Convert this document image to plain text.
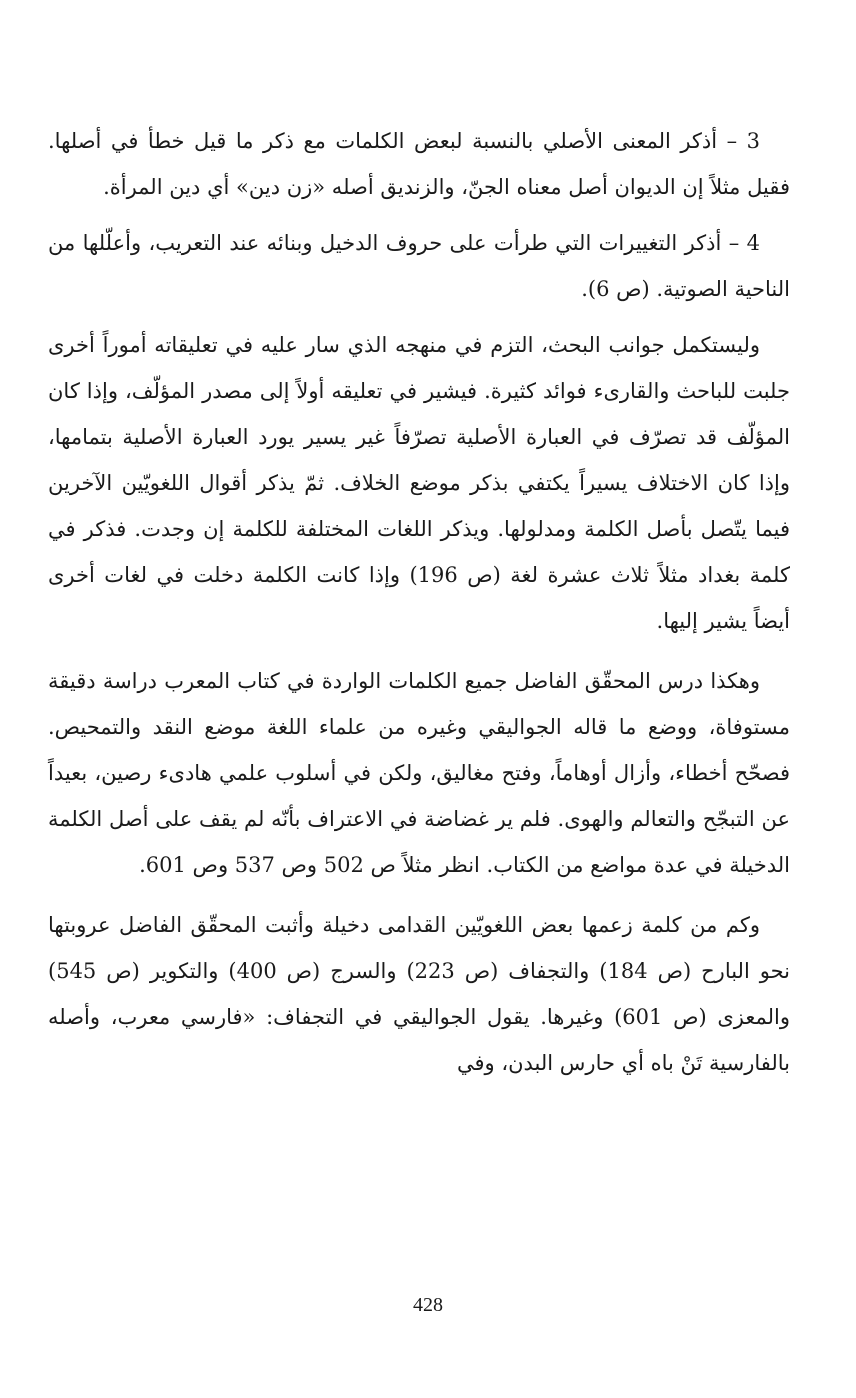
3 – أذكر المعنى الأصلي بالنسبة لبعض الكلمات مع ذكر ما قيل خطأ في أصلها. فقيل مثلاً إن الديوان أصل معناه الجنّ، والزنديق أصله «زن دين» أي دين المرأة.

4 – أذكر التغييرات التي طرأت على حروف الدخيل وبنائه عند التعريب، وأعلّلها من الناحية الصوتية. (ص 6).

وليستكمل جوانب البحث، التزم في منهجه الذي سار عليه في تعليقاته أموراً أخرى جلبت للباحث والقارىء فوائد كثيرة. فيشير في تعليقه أولاً إلى مصدر المؤلّف، وإذا كان المؤلّف قد تصرّف في العبارة الأصلية تصرّفاً غير يسير يورد العبارة الأصلية بتمامها، وإذا كان الاختلاف يسيراً يكتفي بذكر موضع الخلاف. ثمّ يذكر أقوال اللغويّين الآخرين فيما يتّصل بأصل الكلمة ومدلولها. ويذكر اللغات المختلفة للكلمة إن وجدت. فذكر في كلمة بغداد مثلاً ثلاث عشرة لغة (ص 196) وإذا كانت الكلمة دخلت في لغات أخرى أيضاً يشير إليها.

وهكذا درس المحقّق الفاضل جميع الكلمات الواردة في كتاب المعرب دراسة دقيقة مستوفاة، ووضع ما قاله الجواليقي وغيره من علماء اللغة موضع النقد والتمحيص. فصحّح أخطاء، وأزال أوهاماً، وفتح مغاليق، ولكن في أسلوب علمي هادىء رصين، بعيداً عن التبجّح والتعالم والهوى. فلم ير غضاضة في الاعتراف بأنّه لم يقف على أصل الكلمة الدخيلة في عدة مواضع من الكتاب. انظر مثلاً ص 502 وص 537 وص 601.

وكم من كلمة زعمها بعض اللغويّين القدامى دخيلة وأثبت المحقّق الفاضل عروبتها نحو البارح (ص 184) والتجفاف (ص 223) والسرج (ص 400) والتكوير (ص 545) والمعزى (ص 601) وغيرها. يقول الجواليقي في التجفاف: «فارسي معرب، وأصله بالفارسية تَنْ باه أي حارس البدن، وفي

428
